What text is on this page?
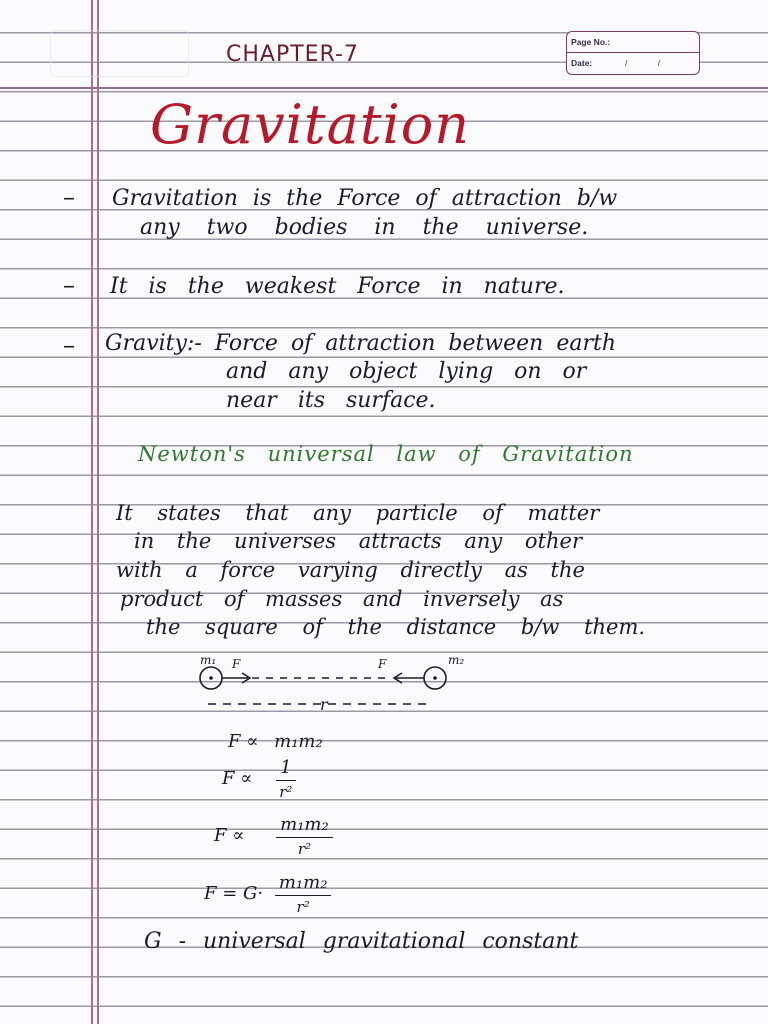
Page No.:
Date:	/ /
CHAPTER-7
Gravitation
– Gravitation is the Force of attraction b/w
any two bodies in the universe.
– It is the weakest Force in nature.
– Gravity:- Force of attraction between earth
and any object lying on or
near its surface.
Newton's universal law of Gravitation
It states that any particle of matter
in the universes attracts any other
with a force varying directly as the
product of masses and inversely as
the square of the distance b/w them.
m₁ F	F	m₂
r
F ∝ m₁m₂
$F \propto \frac{1}{\text{r²}}$
$F \propto \frac{\text{m₁m₂}}{\text{r²}}$
$F = G\cdot \frac{\text{m₁m₂}}{\text{r²}}$
G - universal gravitational constant
